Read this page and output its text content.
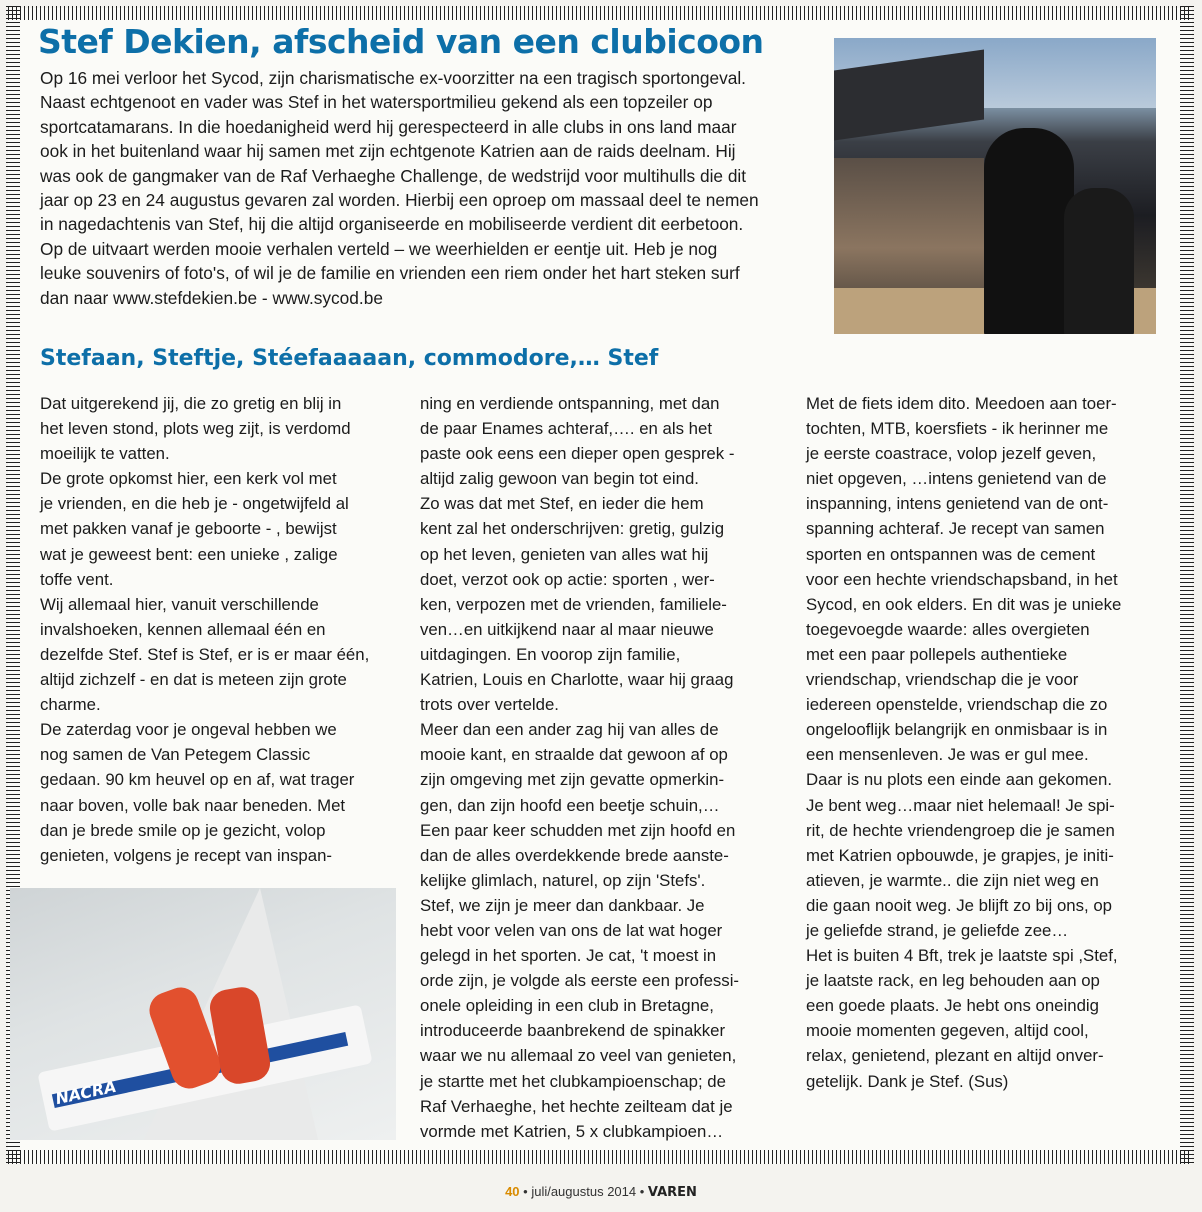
Stef Dekien, afscheid van een clubicoon

Op 16 mei verloor het Sycod, zijn charismatische ex-voorzitter na een tragisch sportongeval.

Naast echtgenoot en vader was Stef in het watersportmilieu gekend als een topzeiler op

sportcatamarans. In die hoedanigheid werd hij gerespecteerd in alle clubs in ons land maar

ook in het buitenland waar hij samen met zijn echtgenote Katrien aan de raids deelnam. Hij

was ook de gangmaker van de Raf Verhaeghe Challenge, de wedstrijd voor multihulls die dit

jaar op 23 en 24 augustus gevaren zal worden. Hierbij een oproep om massaal deel te nemen

in nagedachtenis van Stef, hij die altijd organiseerde en mobiliseerde verdient dit eerbetoon.

Op de uitvaart werden mooie verhalen verteld – we weerhielden er eentje uit. Heb je nog

leuke souvenirs of foto's, of wil je de familie en vrienden een riem onder het hart steken surf

dan naar www.stefdekien.be - www.sycod.be

Stefaan, Steftje, Stéefaaaaan, commodore,… Stef

Dat uitgerekend jij, die zo gretig en blij in

het leven stond, plots weg zijt, is verdomd

moeilijk te vatten.

De grote opkomst hier, een kerk vol met

je vrienden, en die heb je - ongetwijfeld al

met pakken vanaf je geboorte - , bewijst

wat je geweest bent: een unieke , zalige

toffe vent.

Wij allemaal hier, vanuit verschillende

invalshoeken, kennen allemaal één en

dezelfde Stef. Stef is Stef, er is er maar één,

altijd zichzelf - en dat is meteen zijn grote

charme.

De zaterdag voor je ongeval hebben we

nog samen de Van Petegem Classic

gedaan. 90 km heuvel op en af, wat trager

naar boven, volle bak naar beneden. Met

dan je brede smile op je gezicht, volop

genieten, volgens je recept van inspan-

ning en verdiende ontspanning, met dan

de paar Enames achteraf,…. en als het

paste ook eens een dieper open gesprek -

altijd zalig gewoon van begin tot eind.

Zo was dat met Stef, en ieder die hem

kent zal het onderschrijven: gretig, gulzig

op het leven, genieten van alles wat hij

doet, verzot ook op actie: sporten , wer-

ken, verpozen met de vrienden, familiele-

ven…en uitkijkend naar al maar nieuwe

uitdagingen. En voorop zijn familie,

Katrien, Louis en Charlotte, waar hij graag

trots over vertelde.

Meer dan een ander zag hij van alles de

mooie kant, en straalde dat gewoon af op

zijn omgeving met zijn gevatte opmerkin-

gen, dan zijn hoofd een beetje schuin,…

Een paar keer schudden met zijn hoofd en

dan de alles overdekkende brede aanste-

kelijke glimlach, naturel, op zijn 'Stefs'.

Stef, we zijn je meer dan dankbaar. Je

hebt voor velen van ons de lat wat hoger

gelegd in het sporten. Je cat, 't moest in

orde zijn, je volgde als eerste een professi-

onele opleiding in een club in Bretagne,

introduceerde baanbrekend de spinakker

waar we nu allemaal zo veel van genieten,

je startte met het clubkampioenschap; de

Raf Verhaeghe, het hechte zeilteam dat je

vormde met Katrien, 5 x clubkampioen…

Met de fiets idem dito. Meedoen aan toer-

tochten, MTB, koersfiets - ik herinner me

je eerste coastrace, volop jezelf geven,

niet opgeven, …intens genietend van de

inspanning, intens genietend van de ont-

spanning achteraf. Je recept van samen

sporten en ontspannen was de cement

voor een hechte vriendschapsband, in het

Sycod, en ook elders. En dit was je unieke

toegevoegde waarde: alles overgieten

met een paar pollepels authentieke

vriendschap, vriendschap die je voor

iedereen openstelde, vriendschap die zo

ongelooflijk belangrijk en onmisbaar is in

een mensenleven. Je was er gul mee.

Daar is nu plots een einde aan gekomen.

Je bent weg…maar niet helemaal! Je spi-

rit, de hechte vriendengroep die je samen

met Katrien opbouwde, je grapjes, je initi-

atieven, je warmte.. die zijn niet weg en

die gaan nooit weg. Je blijft zo bij ons, op

je geliefde strand, je geliefde zee…

Het is buiten 4 Bft, trek je laatste spi ,Stef,

je laatste rack, en leg behouden aan op

een goede plaats. Je hebt ons oneindig

mooie momenten gegeven, altijd cool,

relax, genietend, plezant en altijd onver-

getelijk. Dank je Stef. (Sus)

NACRA
40 • juli/augustus 2014 • VAREN
